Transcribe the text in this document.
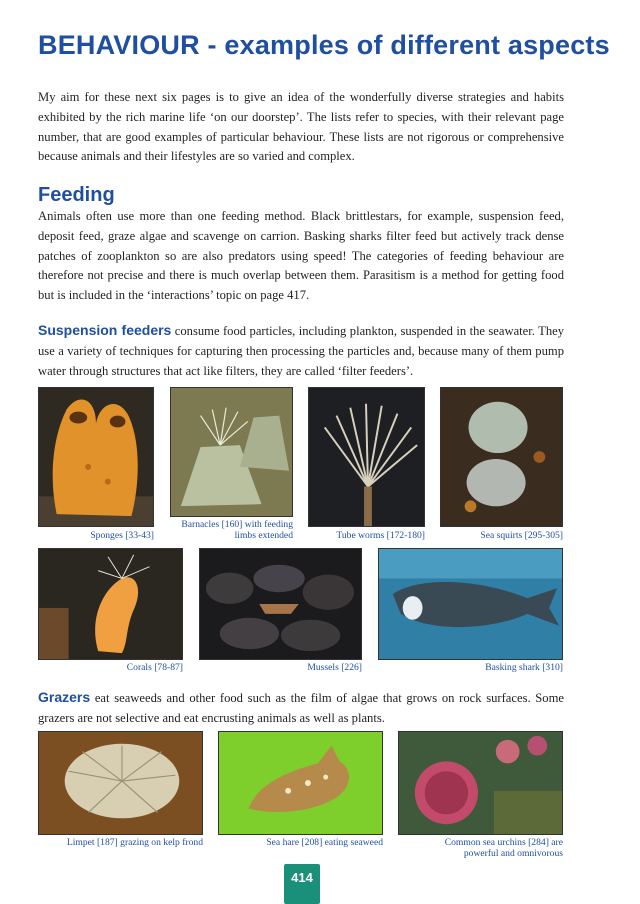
BEHAVIOUR - examples of different aspects
My aim for these next six pages is to give an idea of the wonderfully diverse strategies and habits exhibited by the rich marine life ‘on our doorstep’. The lists refer to species, with their relevant page number, that are good examples of particular behaviour. These lists are not rigorous or comprehensive because animals and their lifestyles are so varied and complex.
Feeding
Animals often use more than one feeding method. Black brittlestars, for example, suspension feed, deposit feed, graze algae and scavenge on carrion. Basking sharks filter feed but actively track dense patches of zooplankton so are also predators using speed! The categories of feeding behaviour are therefore not precise and there is much overlap between them. Parasitism is a method for getting food but is included in the ‘interactions’ topic on page 417.
Suspension feeders consume food particles, including plankton, suspended in the seawater. They use a variety of techniques for capturing then processing the particles and, because many of them pump water through structures that act like filters, they are called ‘filter feeders’.
Sponges [33-43]
Barnacles [160] with feeding limbs extended	Tube worms [172-180]	Sea squirts [295-305]
Corals [78-87]	Mussels [226]	Basking shark [310]
Grazers eat seaweeds and other food such as the film of algae that grows on rock surfaces. Some grazers are not selective and eat encrusting animals as well as plants.
Limpet [187] grazing on kelp frond	Sea hare [208] eating seaweed	Common sea urchins [284] are powerful and omnivorous
414
